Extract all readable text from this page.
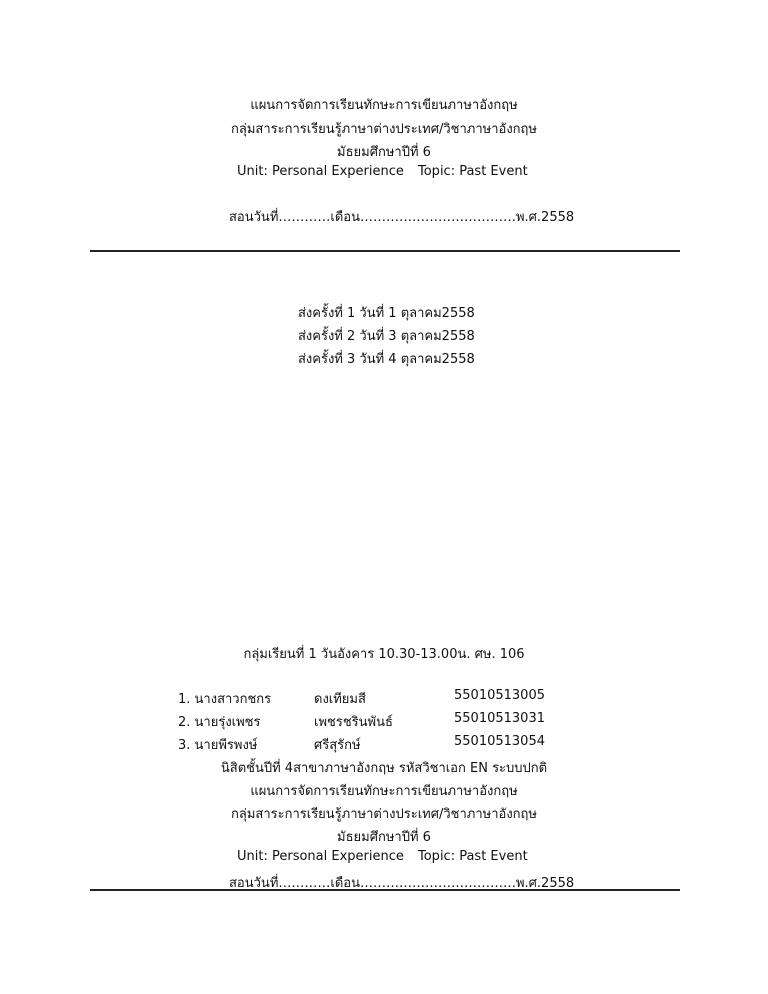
แผนการจัดการเรียนทักษะการเขียนภาษาอังกฤษ
กลุ่มสาระการเรียนรู้ภาษาต่างประเทศ/วิชาภาษาอังกฤษ
มัธยมศึกษาปีที่ 6
Unit: Personal Experience Topic: Past Event
สอนวันที่…………เดือน………………………………พ.ศ.2558
ส่งครั้งที่ 1 วันที่ 1 ตุลาคม2558
ส่งครั้งที่ 2 วันที่ 3 ตุลาคม2558
ส่งครั้งที่ 3 วันที่ 4 ตุลาคม2558
กลุ่มเรียนที่ 1 วันอังคาร 10.30-13.00น. ศษ. 106
1. นางสาวกชกร	ดงเทียมสี	55010513005
2. นายรุ่งเพชร	เพชรชรินพันธ์	55010513031
3. นายพีรพงษ์	ศรีสุรักษ์	55010513054
นิสิตชั้นปีที่ 4สาขาภาษาอังกฤษ รหัสวิชาเอก EN ระบบปกติ
แผนการจัดการเรียนทักษะการเขียนภาษาอังกฤษ
กลุ่มสาระการเรียนรู้ภาษาต่างประเทศ/วิชาภาษาอังกฤษ
มัธยมศึกษาปีที่ 6
Unit: Personal Experience Topic: Past Event
สอนวันที่…………เดือน………………………………พ.ศ.2558
